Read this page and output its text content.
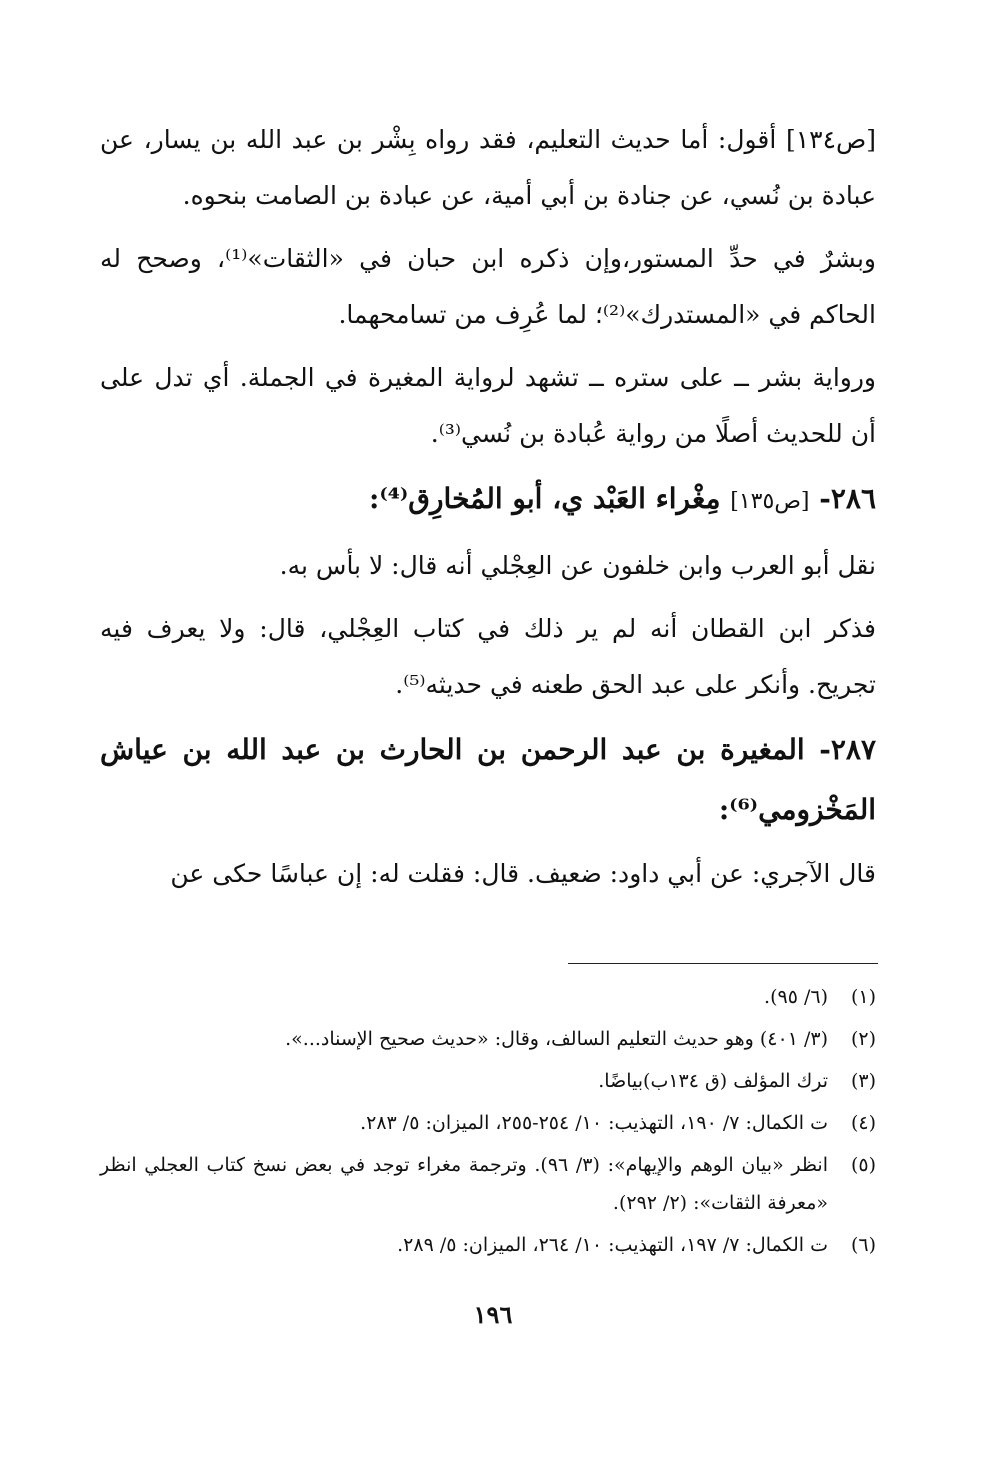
[ص١٣٤] أقول: أما حديث التعليم، فقد رواه بِشْر بن عبد الله بن يسار، عن عبادة بن نُسي، عن جنادة بن أبي أمية، عن عبادة بن الصامت بنحوه.

وبشرٌ في حدِّ المستور،وإن ذكره ابن حبان في «الثقات»⁽¹⁾، وصحح له الحاكم في «المستدرك»⁽²⁾؛ لما عُرِف من تسامحهما.

ورواية بشر ــ على ستره ــ تشهد لرواية المغيرة في الجملة. أي تدل على أن للحديث أصلًا من رواية عُبادة بن نُسي⁽³⁾.

٢٨٦- [ص١٣٥] مِغْراء العَبْد ي، أبو المُخارِق⁽⁴⁾:

نقل أبو العرب وابن خلفون عن العِجْلي أنه قال: لا بأس به.

فذكر ابن القطان أنه لم ير ذلك في كتاب العِجْلي، قال: ولا يعرف فيه تجريح. وأنكر على عبد الحق طعنه في حديثه⁽⁵⁾.

٢٨٧- المغيرة بن عبد الرحمن بن الحارث بن عبد الله بن عياش المَخْزومي⁽⁶⁾:

قال الآجري: عن أبي داود: ضعيف. قال: فقلت له: إن عباسًا حكى عن

(١)
(٦/ ٩٥).
(٢)
(٣/ ٤٠١) وهو حديث التعليم السالف، وقال: «حديث صحيح الإسناد...».
(٣)
ترك المؤلف (ق ١٣٤ب)بياضًا.
(٤)
ت الكمال: ٧/ ١٩٠، التهذيب: ١٠/ ٢٥٤-٢٥٥، الميزان: ٥/ ٢٨٣.
(٥)
انظر «بيان الوهم والإيهام»: (٣/ ٩٦). وترجمة مغراء توجد في بعض نسخ كتاب العجلي انظر «معرفة الثقات»: (٢/ ٢٩٢).
(٦)
ت الكمال: ٧/ ١٩٧، التهذيب: ١٠/ ٢٦٤، الميزان: ٥/ ٢٨٩.
١٩٦
